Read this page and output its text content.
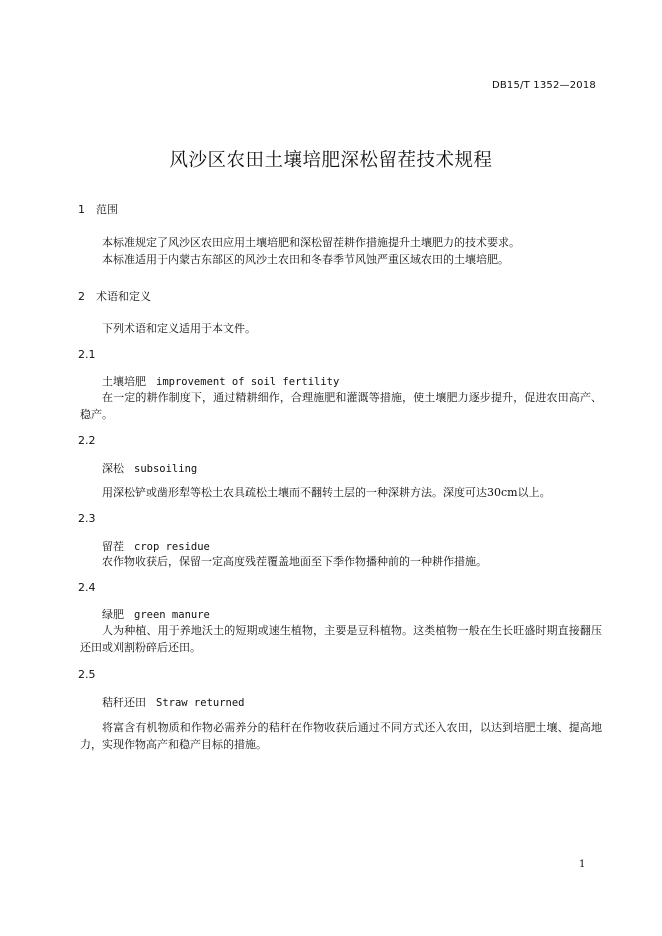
DB15/T 1352—2018
风沙区农田土壤培肥深松留茬技术规程
1 范围
本标准规定了风沙区农田应用土壤培肥和深松留茬耕作措施提升土壤肥力的技术要求。
本标准适用于内蒙古东部区的风沙土农田和冬春季节风蚀严重区域农田的土壤培肥。
2 术语和定义
下列术语和定义适用于本文件。
2.1
土壤培肥 improvement of soil fertility
在一定的耕作制度下，通过精耕细作，合理施肥和灌溉等措施，使土壤肥力逐步提升，促进农田高产、稳产。
2.2
深松 subsoiling
用深松铲或凿形犁等松土农具疏松土壤而不翻转土层的一种深耕方法。深度可达30cm以上。
2.3
留茬 crop residue
农作物收获后，保留一定高度残茬覆盖地面至下季作物播种前的一种耕作措施。
2.4
绿肥 green manure
人为种植、用于养地沃土的短期或速生植物，主要是豆科植物。这类植物一般在生长旺盛时期直接翻压还田或刈割粉碎后还田。
2.5
秸秆还田 Straw returned
将富含有机物质和作物必需养分的秸秆在作物收获后通过不同方式还入农田，以达到培肥土壤、提高地力，实现作物高产和稳产目标的措施。
1
